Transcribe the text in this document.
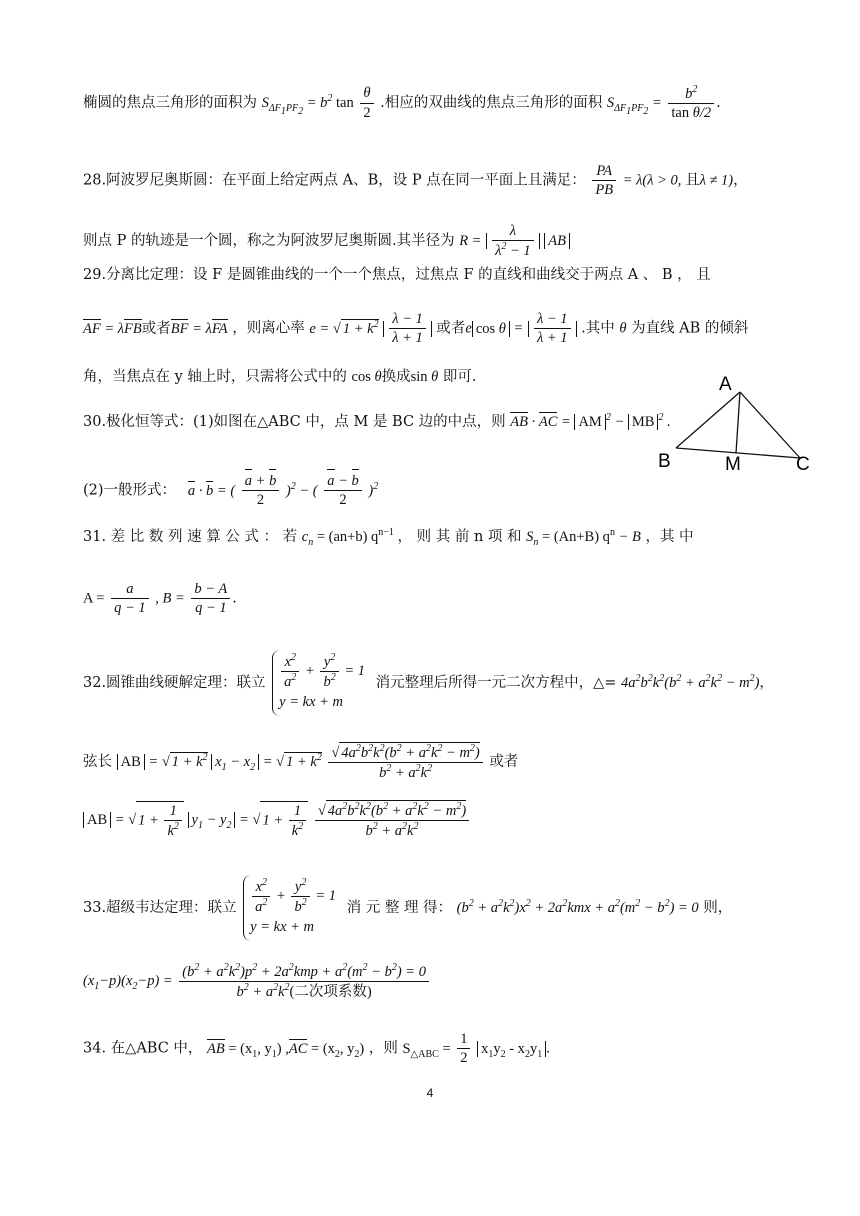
椭圆的焦点三角形的面积为 $S_{\Delta F_1PF_2} = b^2$ $\tan \frac{\theta}{2}$ .相应的双曲线的焦点三角形的面积 $S_{\Delta F_1PF_2} = \frac{b^2}{\text{tan θ/2}}$ .
28.阿波罗尼奥斯圆：在平面上给定两点 A、B，设 P 点在同一平面上且满足： $\frac{PA}{PB} = \lambda(\lambda > 0$, 且λ ≠ 1)，
则点 P 的轨迹是一个圆，称之为阿波罗尼奥斯圆.其半径为 $R = \frac{\lambda}{\lambda^2 - 1}$ AB
29.分离比定理：设 F 是圆锥曲线的一个一个焦点，过焦点 F 的直线和曲线交于两点 A 、 B ， 且
AF = λFB或者BF = λFA ，则离心率 e = √ $1 + k^2 \frac{\lambda - 1}{\lambda + 1}$ 或者e $\cos \theta = \frac{\lambda - 1}{\lambda + 1}$ .其中 θ 为直线 AB 的倾斜
角，当焦点在 y 轴上时，只需将公式中的 cos θ换成sin θ 即可.
30.极化恒等式：(1)如图在△ABC 中，点 M 是 BC 边的中点，则 AB · AC = AM $^2$ − MB $^2$ .
A
B	M	C
(2)一般形式： a · b = ( $\frac{a + b}{2} )^2$ − ( $\frac{a - b}{2} )^2$
31. 差 比 数 列 速 算 公 式 ： 若 $c_n = (an+b)$ $q^{n-1}$ ， 则 其 前 n 项 和 $S_n = (An+B) q^n - B$ ，其 中
$A = \frac{a}{q - 1}$ , $B = \frac{b - A}{q - 1}$ .
32.圆锥曲线硬解定理：联立 $\frac{x^2}{a^2} + \frac{y^2}{b^2} = 1$
y = kx + m
消元整理后所得一元二次方程中，△= $4a^2b^2k^2(b^2 + a^2k^2 - m^2)$，
弦长 AB = √ $1 + k^2$ $x_1 - x_2$ = √ $1 + k^2 \frac{√ 4a^2b^2k^2(b^2 + a^2k^2 - m^2)}{b^2 + a^2k^2}$ 或者
AB = √ $1 + \frac{1}{k^2} y_1 - y_2$ = √ $1 + \frac{1}{k^2}$
$\frac{√ 4a^2b^2k^2(b^2 + a^2k^2 - m^2)}{b^2 + a^2k^2}$
33.超级韦达定理：联立 $\frac{x^2}{a^2} + \frac{y^2}{b^2} = 1$
y = kx + m
消 元 整 理 得： $(b^2 + a^2k^2)x^2 + 2a^2kmx + a^2(m^2 - b^2) = 0$ 则，
$(x_1-p)(x_2-p) = \frac{(b^2 + a^2k^2)p^2 + 2a^2kmp + a^2(m^2 - b^2) = 0}{b^2 + a^2k^2(二次项系数)}$
34. 在△ABC 中， AB = ($x_1$, $y_1$) $,AC = (x_2$, $y_2$) ，则 $S_{\triangle ABC} = \frac{1}{2} x_1y_2 - x_2y_1$ .
4
